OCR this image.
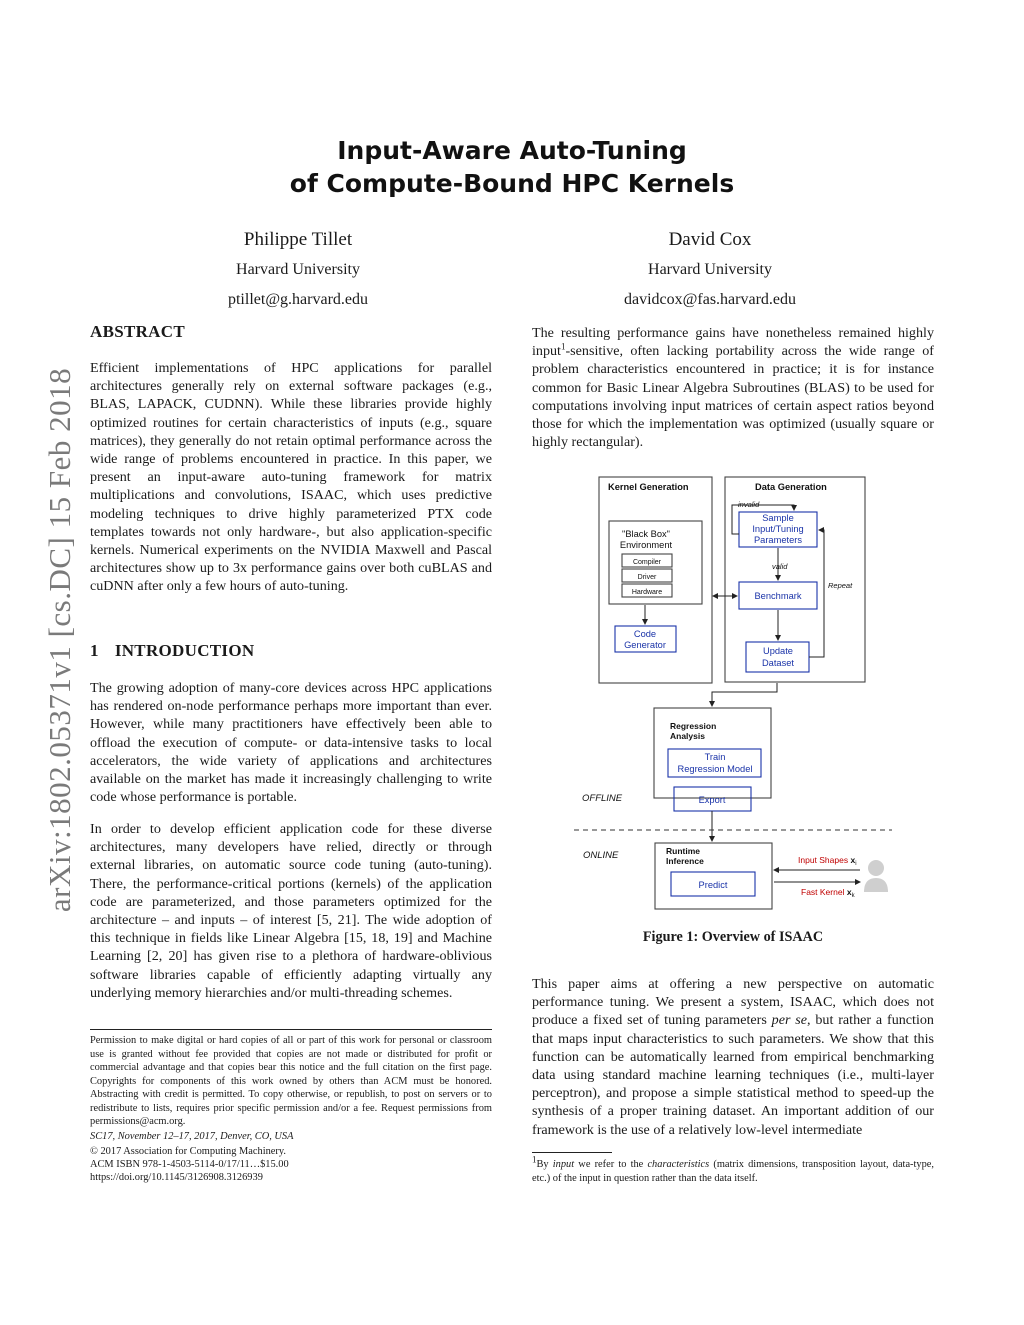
arXiv:1802.05371v1 [cs.DC] 15 Feb 2018
Input-Aware Auto-Tuning
of Compute-Bound HPC Kernels
Philippe Tillet
Harvard University
ptillet@g.harvard.edu
David Cox
Harvard University
davidcox@fas.harvard.edu
ABSTRACT
Efficient implementations of HPC applications for parallel architectures generally rely on external software packages (e.g., BLAS, LAPACK, CUDNN). While these libraries provide highly optimized routines for certain characteristics of inputs (e.g., square matrices), they generally do not retain optimal performance across the wide range of problems encountered in practice. In this paper, we present an input-aware auto-tuning framework for matrix multiplications and convolutions, ISAAC, which uses predictive modeling techniques to drive highly parameterized PTX code templates towards not only hardware-, but also application-specific kernels. Numerical experiments on the NVIDIA Maxwell and Pascal architectures show up to 3x performance gains over both cuBLAS and cuDNN after only a few hours of auto-tuning.
1 INTRODUCTION
The growing adoption of many-core devices across HPC applications has rendered on-node performance perhaps more important than ever. However, while many practitioners have effectively been able to offload the execution of compute- or data-intensive tasks to local accelerators, the wide variety of applications and architectures available on the market has made it increasingly challenging to write code whose performance is portable.
In order to develop efficient application code for these diverse architectures, many developers have relied, directly or through external libraries, on automatic source code tuning (auto-tuning). There, the performance-critical portions (kernels) of the application code are parameterized, and those parameters optimized for the architecture – and inputs – of interest [5, 21]. The wide adoption of this technique in fields like Linear Algebra [15, 18, 19] and Machine Learning [2, 20] has given rise to a plethora of hardware-oblivious software libraries capable of efficiently adapting virtually any underlying memory hierarchies and/or multi-threading schemes.
Permission to make digital or hard copies of all or part of this work for personal or classroom use is granted without fee provided that copies are not made or distributed for profit or commercial advantage and that copies bear this notice and the full citation on the first page. Copyrights for components of this work owned by others than ACM must be honored. Abstracting with credit is permitted. To copy otherwise, or republish, to post on servers or to redistribute to lists, requires prior specific permission and/or a fee. Request permissions from permissions@acm.org.
SC17, November 12–17, 2017, Denver, CO, USA
© 2017 Association for Computing Machinery.
ACM ISBN 978-1-4503-5114-0/17/11…$15.00
https://doi.org/10.1145/3126908.3126939
The resulting performance gains have nonetheless remained highly input$^1$-sensitive, often lacking portability across the wide range of problem characteristics encountered in practice; it is for instance common for Basic Linear Algebra Subroutines (BLAS) to be used for computations involving input matrices of certain aspect ratios beyond those for which the implementation was optimized (usually square or highly rectangular).
Kernel Generation
"Black Box"
Environment
Compiler
Driver
Hardware
Code
Generator
Data Generation
invalid
Sample
Input/Tuning
Parameters
valid
Repeat
Benchmark
Update
Dataset
Regression
Analysis
Train
Regression Model
Export
OFFLINE
ONLINE	Runtime
Inference
Predict
Input Shapes $x_i$
Fast Kernel $x_k$
Figure 1: Overview of ISAAC
This paper aims at offering a new perspective on automatic performance tuning. We present a system, ISAAC, which does not produce a fixed set of tuning parameters per se, but rather a function that maps input characteristics to such parameters. We show that this function can be automatically learned from empirical benchmarking data using standard machine learning techniques (i.e., multi-layer perceptron), and propose a simple statistical method to speed-up the synthesis of a proper training dataset. An important addition of our framework is the use of a relatively low-level intermediate
$^1$By input we refer to the characteristics (matrix dimensions, transposition layout, data-type, etc.) of the input in question rather than the data itself.
